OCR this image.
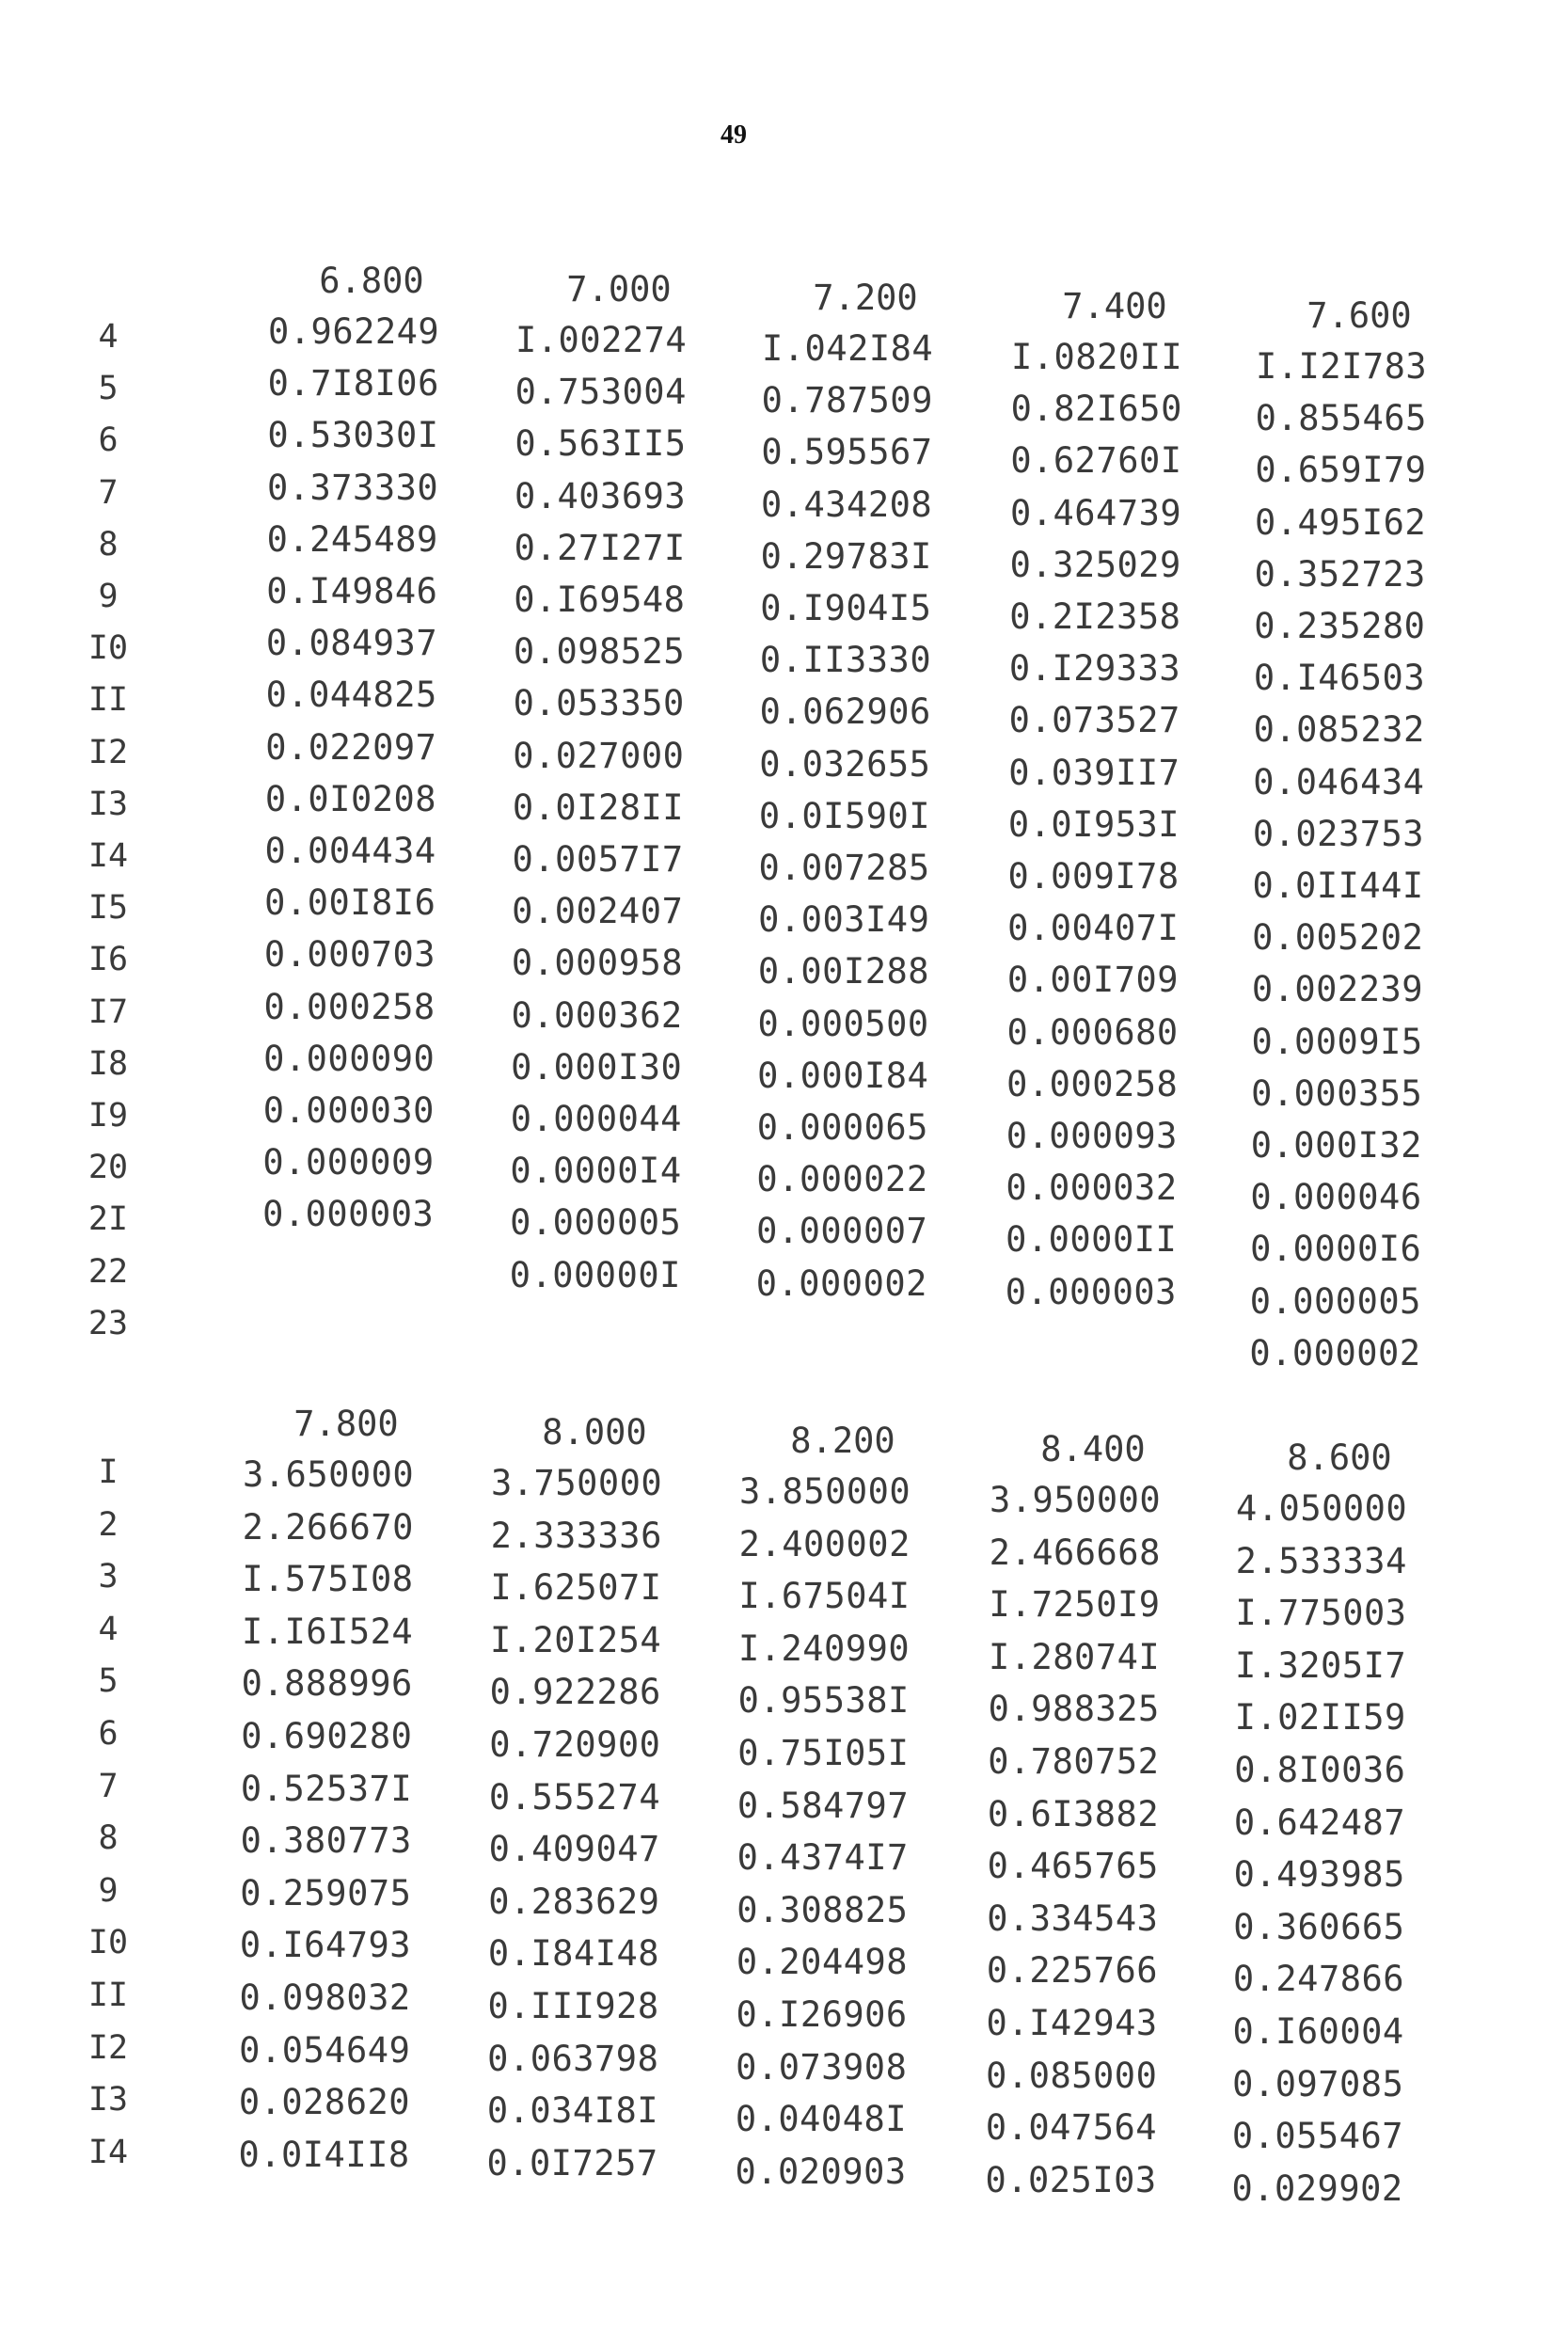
49
4
5
6
7
8
9
I0
II
I2
I3
I4
I5
I6
I7
I8
I9
20
2I
22
23
6.800
0.962249
0.7I8I06
0.53030I
0.373330
0.245489
0.I49846
0.084937
0.044825
0.022097
0.0I0208
0.004434
0.00I8I6
0.000703
0.000258
0.000090
0.000030
0.000009
0.000003
7.000
I.002274
0.753004
0.563II5
0.403693
0.27I27I
0.I69548
0.098525
0.053350
0.027000
0.0I28II
0.0057I7
0.002407
0.000958
0.000362
0.000I30
0.000044
0.0000I4
0.000005
0.00000I
7.200
I.042I84
0.787509
0.595567
0.434208
0.29783I
0.I904I5
0.II3330
0.062906
0.032655
0.0I590I
0.007285
0.003I49
0.00I288
0.000500
0.000I84
0.000065
0.000022
0.000007
0.000002
7.400
I.0820II
0.82I650
0.62760I
0.464739
0.325029
0.2I2358
0.I29333
0.073527
0.039II7
0.0I953I
0.009I78
0.00407I
0.00I709
0.000680
0.000258
0.000093
0.000032
0.0000II
0.000003
7.600
I.I2I783
0.855465
0.659I79
0.495I62
0.352723
0.235280
0.I46503
0.085232
0.046434
0.023753
0.0II44I
0.005202
0.002239
0.0009I5
0.000355
0.000I32
0.000046
0.0000I6
0.000005
0.000002
I
2
3
4
5
6
7
8
9
I0
II
I2
I3
I4
7.800
3.650000
2.266670
I.575I08
I.I6I524
0.888996
0.690280
0.52537I
0.380773
0.259075
0.I64793
0.098032
0.054649
0.028620
0.0I4II8
8.000
3.750000
2.333336
I.62507I
I.20I254
0.922286
0.720900
0.555274
0.409047
0.283629
0.I84I48
0.III928
0.063798
0.034I8I
0.0I7257
8.200
3.850000
2.400002
I.67504I
I.240990
0.95538I
0.75I05I
0.584797
0.4374I7
0.308825
0.204498
0.I26906
0.073908
0.04048I
0.020903
8.400
3.950000
2.466668
I.7250I9
I.28074I
0.988325
0.780752
0.6I3882
0.465765
0.334543
0.225766
0.I42943
0.085000
0.047564
0.025I03
8.600
4.050000
2.533334
I.775003
I.3205I7
I.02II59
0.8I0036
0.642487
0.493985
0.360665
0.247866
0.I60004
0.097085
0.055467
0.029902
